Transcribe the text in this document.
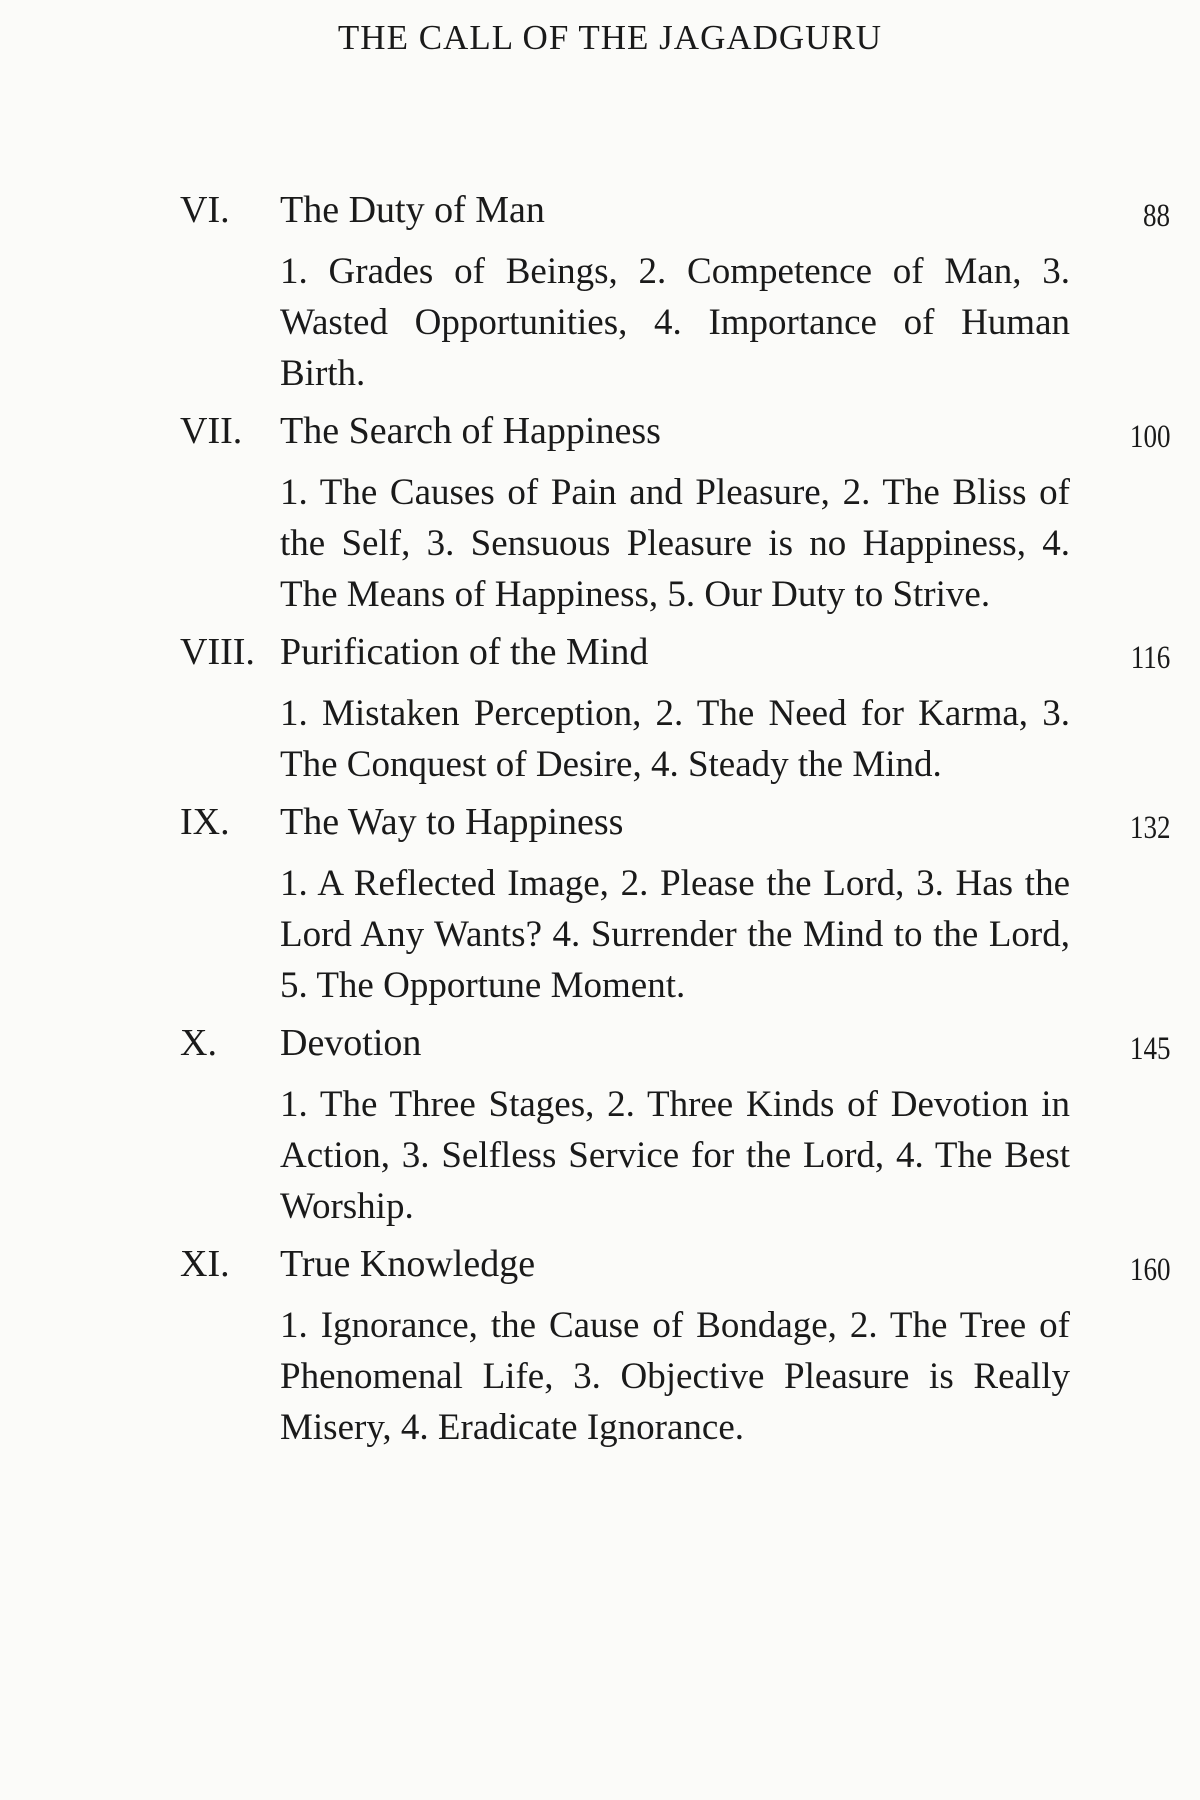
THE CALL OF THE JAGADGURU
VI.	The Duty of Man	88
1. Grades of Beings, 2. Competence of Man, 3. Wasted Opportunities, 4. Importance of Human Birth.
VII. The Search of Happiness	100
1. The Causes of Pain and Pleasure, 2. The Bliss of the Self, 3. Sensuous Pleasure is no Happiness, 4. The Means of Happiness, 5. Our Duty to Strive.
VIII. Purification of the Mind	116
1. Mistaken Perception, 2. The Need for Karma, 3. The Conquest of Desire, 4. Steady the Mind.
IX.	The Way to Happiness	132
1. A Reflected Image, 2. Please the Lord, 3. Has the Lord Any Wants? 4. Surrender the Mind to the Lord, 5. The Opportune Moment.
X.	Devotion	145
1. The Three Stages, 2. Three Kinds of Devotion in Action, 3. Selfless Service for the Lord, 4. The Best Worship.
XI.	True Knowledge	160
1. Ignorance, the Cause of Bondage, 2. The Tree of Phenomenal Life, 3. Objective Pleasure is Really Misery, 4. Eradicate Ignorance.
